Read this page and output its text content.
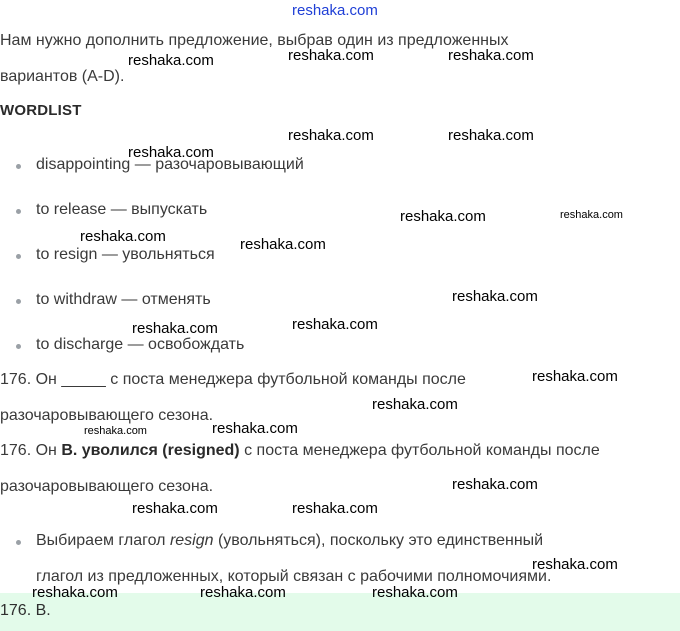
reshaka.com
Нам нужно дополнить предложение, выбрав один из предложенных
вариантов (A-D).
WORDLIST
disappointing — разочаровывающий
to release — выпускать
to resign — увольняться
to withdraw — отменять
to discharge — освобождать
176. Он _____ с поста менеджера футбольной команды после
разочаровывающего сезона.
176. Он B. уволился (resigned) с поста менеджера футбольной команды после
разочаровывающего сезона.
Выбираем глагол resign (увольняться), поскольку это единственный
глагол из предложенных, который связан с рабочими полномочиями.
176. B.
reshaka.com	reshaka.com	reshaka.com
reshaka.com	reshaka.com
reshaka.com
reshaka.com	reshaka.com
reshaka.com	reshaka.com
reshaka.com
reshaka.com	reshaka.com
reshaka.com
reshaka.com
reshaka.com	reshaka.com
reshaka.com
reshaka.com	reshaka.com
reshaka.com
reshaka.com	reshaka.com	reshaka.com
